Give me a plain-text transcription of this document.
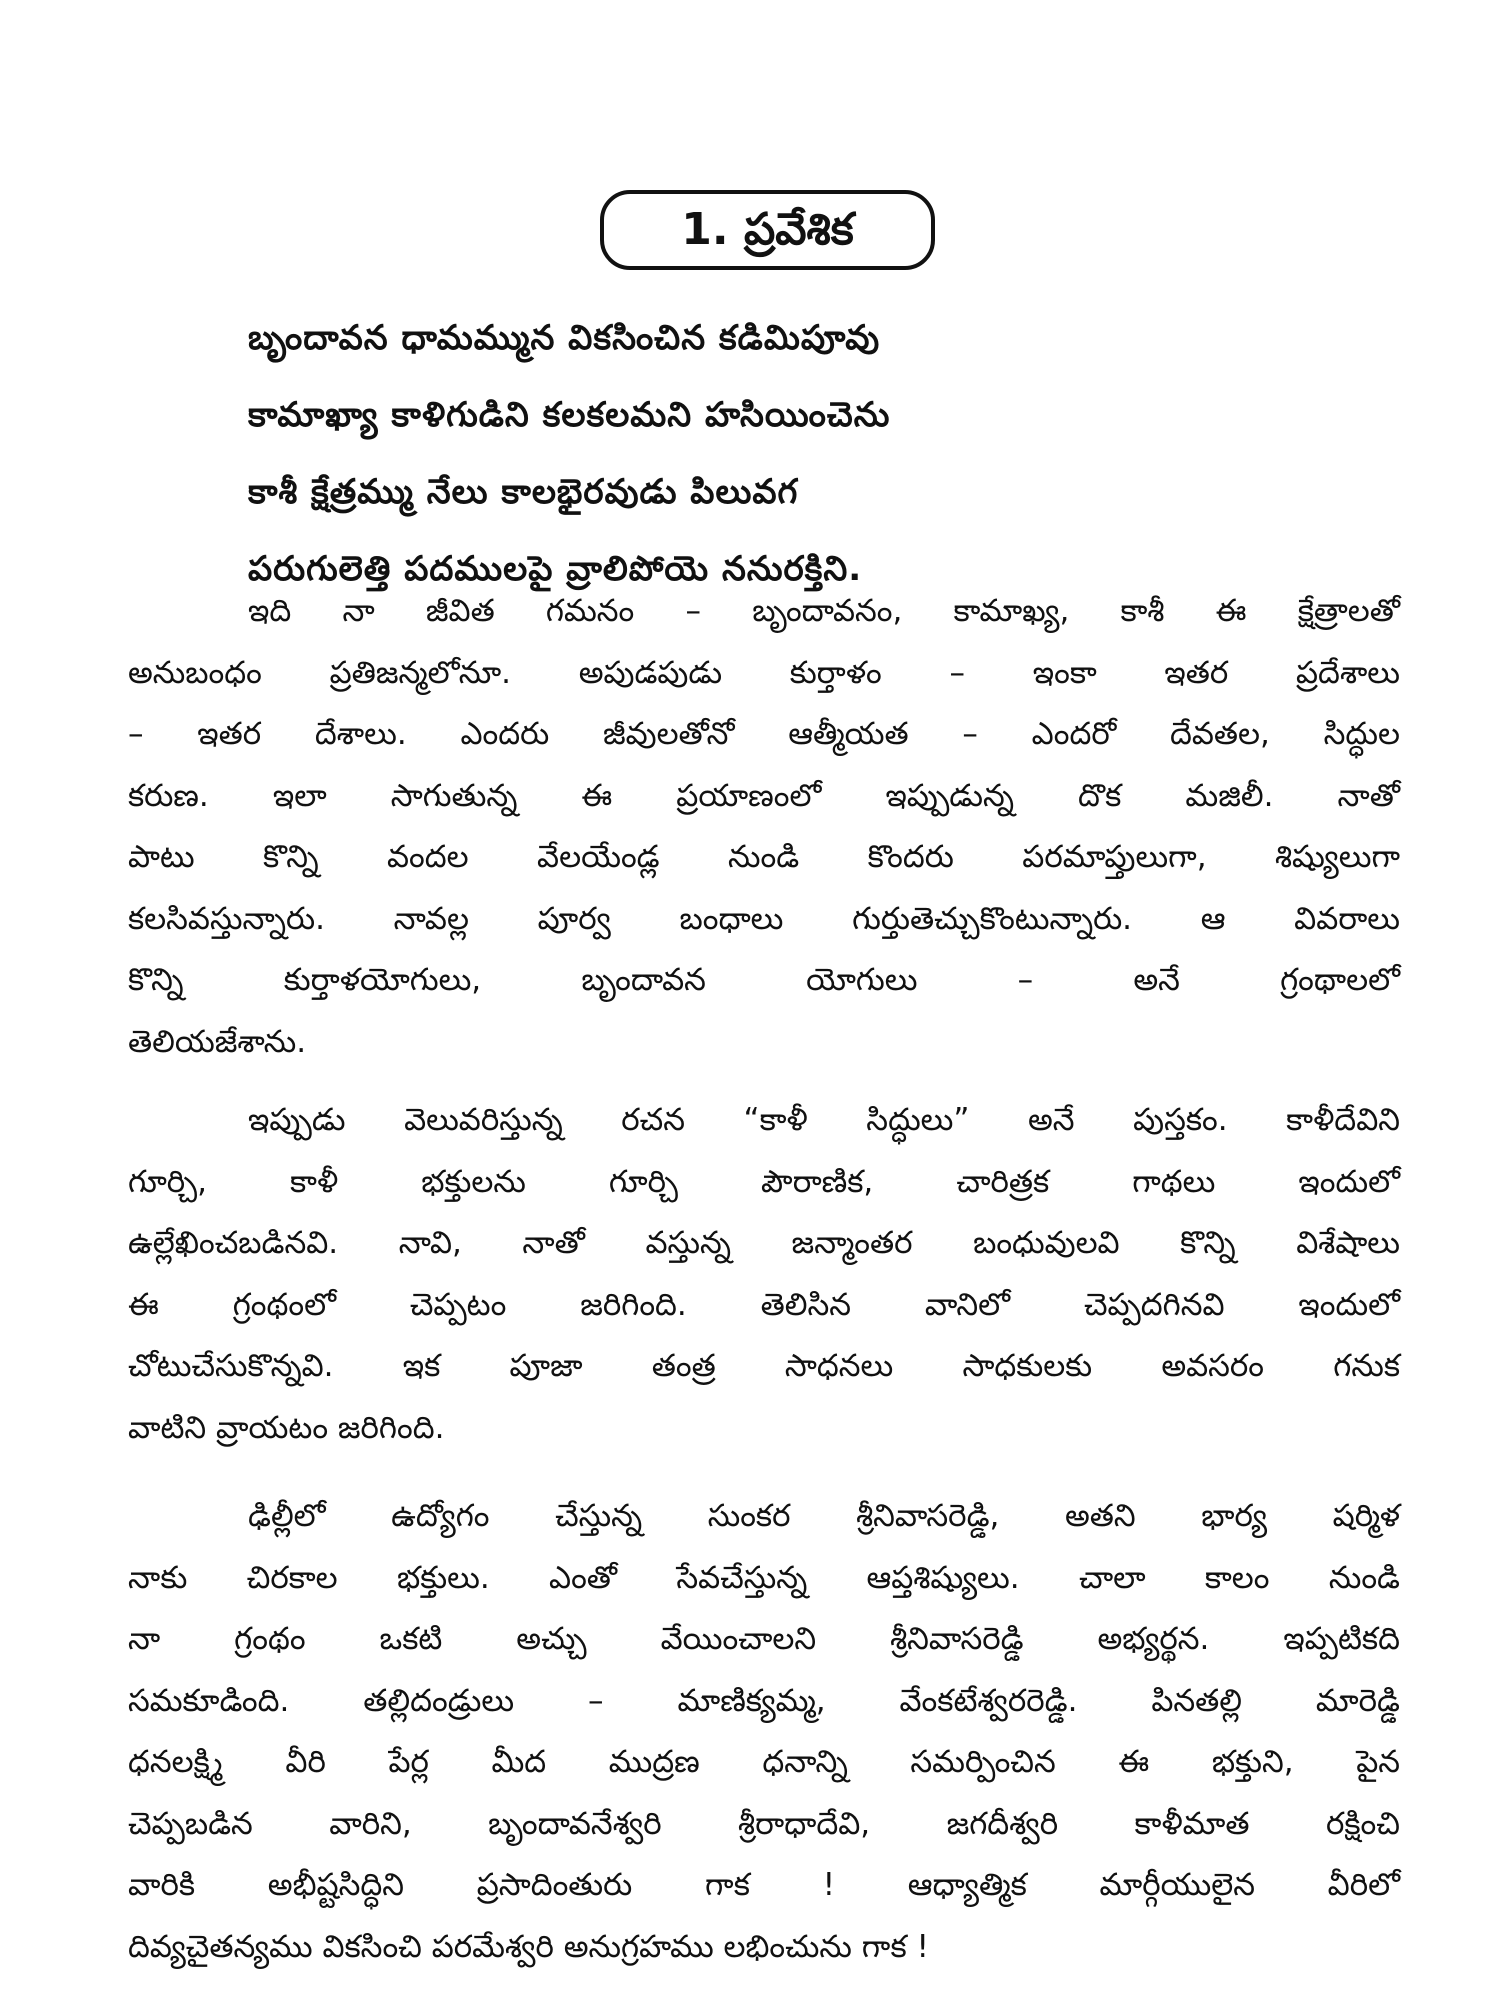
1. ప్రవేశిక
బృందావన ధామమ్మున వికసించిన కడిమిపూవు
కామాఖ్యా కాళిగుడిని కలకలమని హసియించెను
కాశీ క్షేత్రమ్ము నేలు కాలభైరవుడు పిలువగ
పరుగులెత్తి పదములపై వ్రాలిపోయె ననురక్తిని.
ఇది నా జీవిత గమనం – బృందావనం, కామాఖ్య, కాశీ ఈ క్షేత్రాలతో
అనుబంధం ప్రతిజన్మలోనూ. అపుడపుడు కుర్తాళం – ఇంకా ఇతర ప్రదేశాలు
– ఇతర దేశాలు. ఎందరు జీవులతోనో ఆత్మీయత – ఎందరో దేవతల, సిద్ధుల
కరుణ. ఇలా సాగుతున్న ఈ ప్రయాణంలో ఇప్పుడున్న దొక మజిలీ. నాతో
పాటు కొన్ని వందల వేలయేండ్ల నుండి కొందరు పరమాప్తులుగా, శిష్యులుగా
కలసివస్తున్నారు. నావల్ల పూర్వ బంధాలు గుర్తుతెచ్చుకొంటున్నారు. ఆ వివరాలు
కొన్ని కుర్తాళయోగులు, బృందావన యోగులు – అనే గ్రంథాలలో
తెలియజేశాను.
ఇప్పుడు వెలువరిస్తున్న రచన “కాళీ సిద్ధులు” అనే పుస్తకం. కాళీదేవిని
గూర్చి, కాళీ భక్తులను గూర్చి పౌరాణిక, చారిత్రక గాథలు ఇందులో
ఉల్లేఖించబడినవి. నావి, నాతో వస్తున్న జన్మాంతర బంధువులవి కొన్ని విశేషాలు
ఈ గ్రంథంలో చెప్పటం జరిగింది. తెలిసిన వానిలో చెప్పదగినవి ఇందులో
చోటుచేసుకొన్నవి. ఇక పూజా తంత్ర సాధనలు సాధకులకు అవసరం గనుక
వాటిని వ్రాయటం జరిగింది.
ఢిల్లీలో ఉద్యోగం చేస్తున్న సుంకర శ్రీనివాసరెడ్డి, అతని భార్య షర్మిళ
నాకు చిరకాల భక్తులు. ఎంతో సేవచేస్తున్న ఆప్తశిష్యులు. చాలా కాలం నుండి
నా గ్రంథం ఒకటి అచ్చు వేయించాలని శ్రీనివాసరెడ్డి అభ్యర్థన. ఇప్పటికది
సమకూడింది. తల్లిదండ్రులు – మాణిక్యమ్మ, వేంకటేశ్వరరెడ్డి. పినతల్లి మారెడ్డి
ధనలక్ష్మి వీరి పేర్ల మీద ముద్రణ ధనాన్ని సమర్పించిన ఈ భక్తుని, పైన
చెప్పబడిన వారిని, బృందావనేశ్వరి శ్రీరాధాదేవి, జగదీశ్వరి కాళీమాత రక్షించి
వారికి అభీష్టసిద్ధిని ప్రసాదింతురు గాక ! ఆధ్యాత్మిక మార్గీయులైన వీరిలో
దివ్యచైతన్యము వికసించి పరమేశ్వరి అనుగ్రహము లభించును గాక !
